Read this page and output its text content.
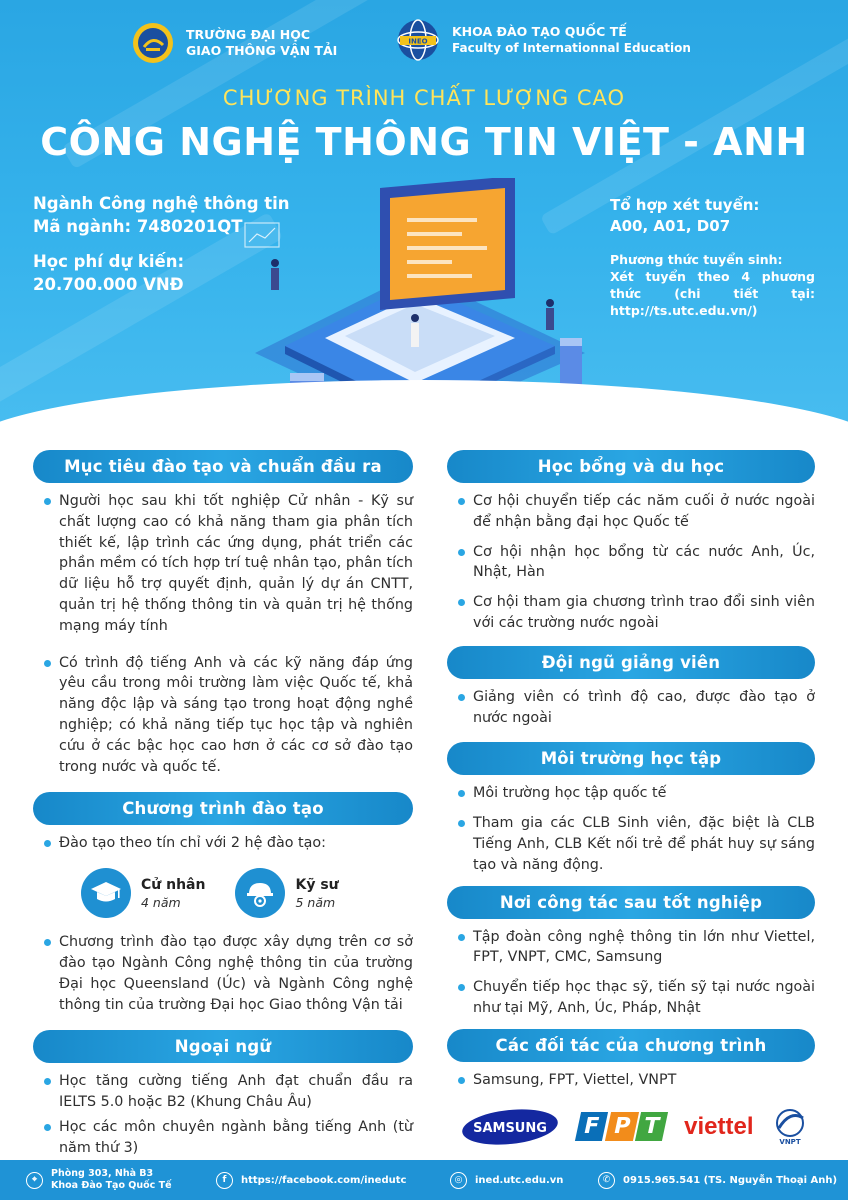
TRƯỜNG ĐẠI HỌC
GIAO THÔNG VẬN TẢI
INEO
KHOA ĐÀO TẠO QUỐC TẾ
Faculty of Internationnal Education
CHƯƠNG TRÌNH CHẤT LƯỢNG CAO
CÔNG NGHỆ THÔNG TIN VIỆT - ANH
Ngành Công nghệ thông tin
Mã ngành: 7480201QT
Học phí dự kiến:
20.700.000 VNĐ
Tổ hợp xét tuyển:
A00, A01, D07
Phương thức tuyển sinh:
Xét tuyển theo 4 phương thức (chi tiết tại: http://ts.utc.edu.vn/)
Mục tiêu đào tạo và chuẩn đầu ra
Người học sau khi tốt nghiệp Cử nhân - Kỹ sư chất lượng cao có khả năng tham gia phân tích thiết kế, lập trình các ứng dụng, phát triển các phần mềm có tích hợp trí tuệ nhân tạo, phân tích dữ liệu hỗ trợ quyết định, quản lý dự án CNTT, quản trị hệ thống thông tin và quản trị hệ thống mạng máy tính
Có trình độ tiếng Anh và các kỹ năng đáp ứng yêu cầu trong môi trường làm việc Quốc tế, khả năng độc lập và sáng tạo trong hoạt động nghề nghiệp; có khả năng tiếp tục học tập và nghiên cứu ở các bậc học cao hơn ở các cơ sở đào tạo trong nước và quốc tế.
Chương trình đào tạo
Đào tạo theo tín chỉ với 2 hệ đào tạo:
Cử nhân
4 năm
Kỹ sư
5 năm
Chương trình đào tạo được xây dựng trên cơ sở đào tạo Ngành Công nghệ thông tin của trường Đại học Queensland (Úc) và Ngành Công nghệ thông tin của trường Đại học Giao thông Vận tải
Ngoại ngữ
Học tăng cường tiếng Anh đạt chuẩn đầu ra IELTS 5.0 hoặc B2 (Khung Châu Âu)
Học các môn chuyên ngành bằng tiếng Anh (từ năm thứ 3)
Học bổng và du học
Cơ hội chuyển tiếp các năm cuối ở nước ngoài để nhận bằng đại học Quốc tế
Cơ hội nhận học bổng từ các nước Anh, Úc, Nhật, Hàn
Cơ hội tham gia chương trình trao đổi sinh viên với các trường nước ngoài
Đội ngũ giảng viên
Giảng viên có trình độ cao, được đào tạo ở nước ngoài
Môi trường học tập
Môi trường học tập quốc tế
Tham gia các CLB Sinh viên, đặc biệt là CLB Tiếng Anh, CLB Kết nối trẻ để phát huy sự sáng tạo và năng động.
Nơi công tác sau tốt nghiệp
Tập đoàn công nghệ thông tin lớn như Viettel, FPT, VNPT, CMC, Samsung
Chuyển tiếp học thạc sỹ, tiến sỹ tại nước ngoài như tại Mỹ, Anh, Úc, Pháp, Nhật
Các đối tác của chương trình
Samsung, FPT, Viettel, VNPT
SAMSUNG F P T viettel
VNPT
⌖
Phòng 303, Nhà B3
Khoa Đào Tạo Quốc Tế	f	https://facebook.com/inedutc	◎	ined.utc.edu.vn	✆	0915.965.541 (TS. Nguyễn Thoại Anh)
